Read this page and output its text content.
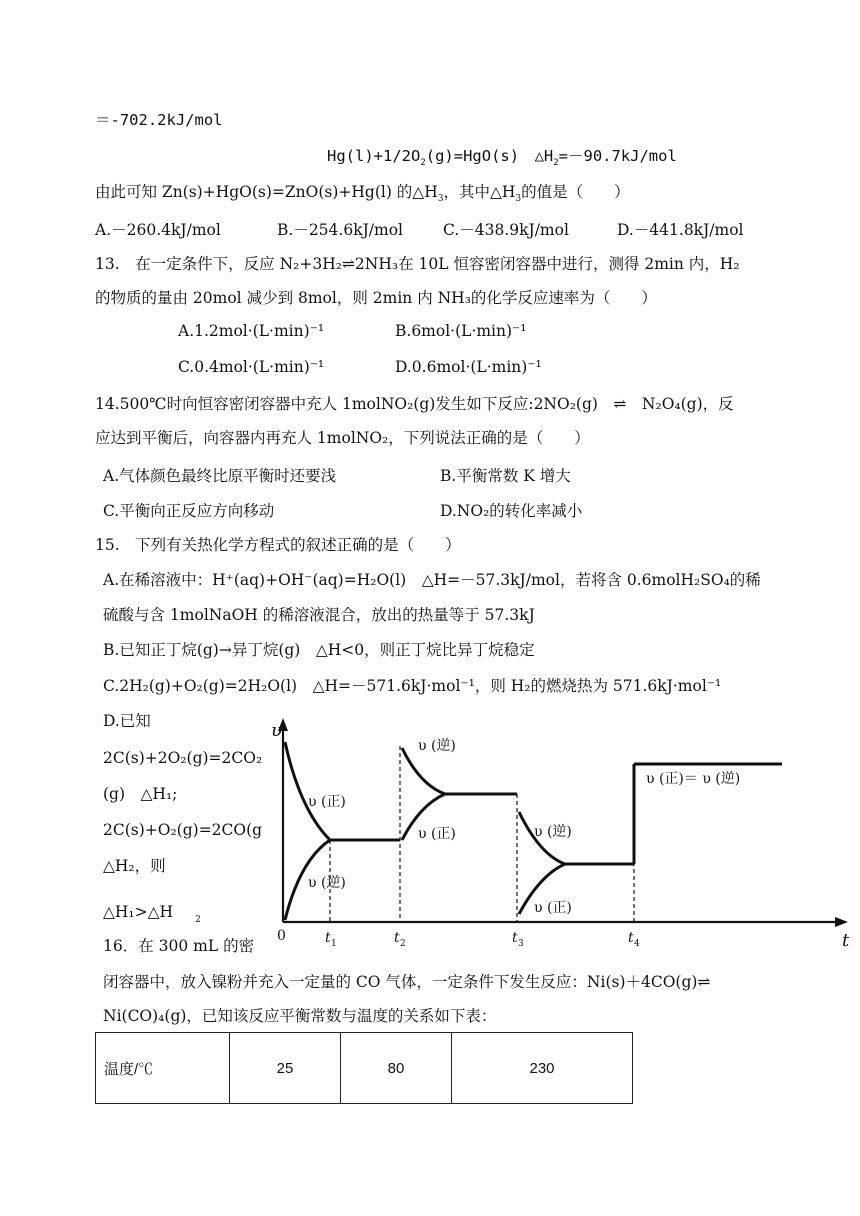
＝-702.2kJ/mol
$Hg(l)+1/2O_2(g)=HgO(s)$　$\triangle H_2=-90.7kJ$/mol
由此可知 Zn(s)+HgO(s)=ZnO(s)+Hg(l) 的$\triangle H_3$，其中$\triangle H_3$的值是（　　）
A.－260.4kJ/mol	B.－254.6kJ/mol	C.－438.9kJ/mol	D.－441.8kJ/mol
13.　在一定条件下，反应 N₂+3H₂⇌2NH₃在 10L 恒容密闭容器中进行，测得 2min 内，H₂
的物质的量由 20mol 减少到 8mol，则 2min 内 NH₃的化学反应速率为（　　）
A.1.2mol·(L·min)⁻¹	B.6mol·(L·min)⁻¹
C.0.4mol·(L·min)⁻¹	D.0.6mol·(L·min)⁻¹
14.500℃时向恒容密闭容器中充人 1molNO₂(g)发生如下反应:2NO₂(g)　⇌　N₂O₄(g)，反
应达到平衡后，向容器内再充人 1molNO₂，下列说法正确的是（　　）
A.气体颜色最终比原平衡时还要浅	B.平衡常数 K 增大
C.平衡向正反应方向移动	D.NO₂的转化率减小
15.　下列有关热化学方程式的叙述正确的是（　　）
A.在稀溶液中：H⁺(aq)+OH⁻(aq)=H₂O(l)　△H=－57.3kJ/mol，若将含 0.6molH₂SO₄的稀
硫酸与含 1molNaOH 的稀溶液混合，放出的热量等于 57.3kJ
B.已知正丁烷(g)→异丁烷(g)　△H<0，则正丁烷比异丁烷稳定
C.2H₂(g)+O₂(g)=2H₂O(l)　△H=－571.6kJ·mol⁻¹，则 H₂的燃烧热为 571.6kJ·mol⁻¹
D.已知
2C(s)+2O₂(g)=2CO₂
(g)　△H₁;
2C(s)+O₂(g)=2CO(g
△H₂，则
△H₁>△H $_2$
16．在 300 mL 的密
闭容器中，放入镍粉并充入一定量的 CO 气体，一定条件下发生反应：Ni(s)＋4CO(g)⇌
Ni(CO)₄(g)，已知该反应平衡常数与温度的关系如下表：
υ
t
0	t 1	t 2	t 3	t 4
υ (正)
υ (逆)
υ (逆)
υ (正)	υ (逆)
υ (正)
υ (正)＝ υ (逆)
温度/℃	25	80	230
